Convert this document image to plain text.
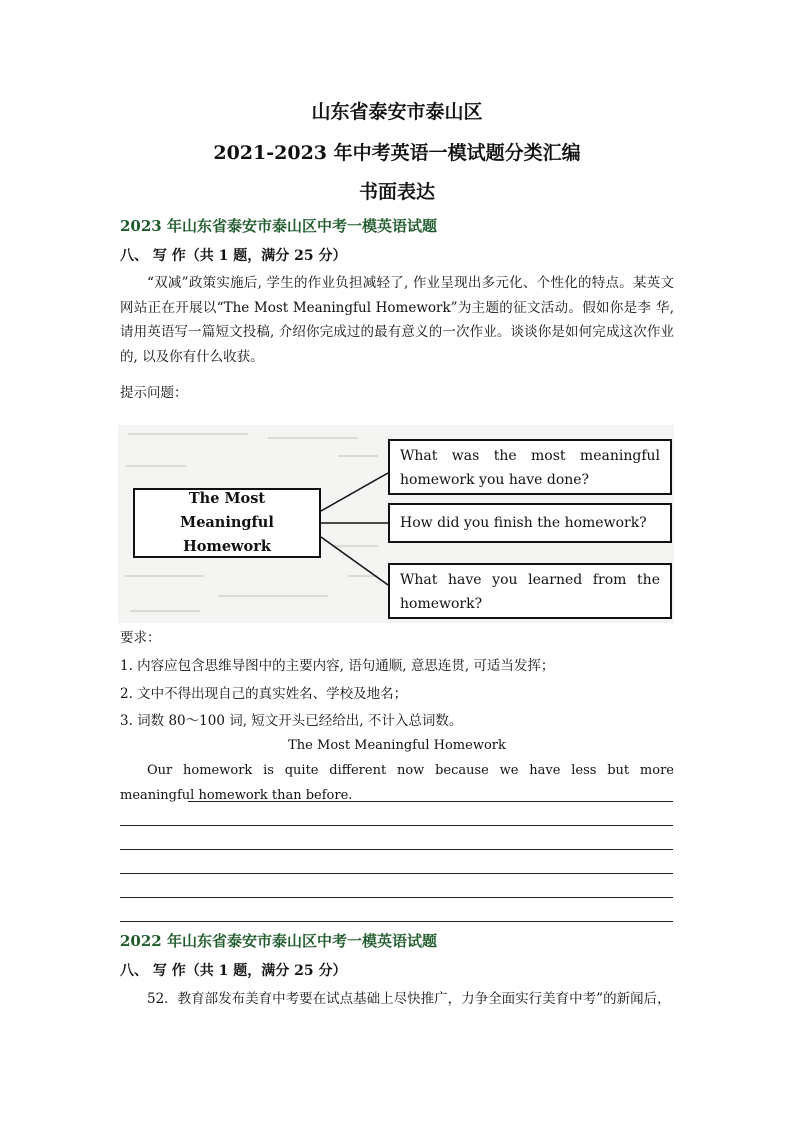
山东省泰安市泰山区
2021-2023 年中考英语一模试题分类汇编
书面表达
2023 年山东省泰安市泰山区中考一模英语试题
八、 写 作（共 1 题，满分 25 分）
“双减”政策实施后, 学生的作业负担减轻了, 作业呈现出多元化、个性化的特点。某英文网站正在开展以“The Most Meaningful Homework”为主题的征文活动。假如你是李 华, 请用英语写一篇短文投稿, 介绍你完成过的最有意义的一次作业。谈谈你是如何完成这次作业的, 以及你有什么收获。
提示问题：
The Most Meaningful Homework
What was the most meaningful homework you have done?
How did you finish the homework?
What have you learned from the homework?
要求：
1. 内容应包含思维导图中的主要内容, 语句通顺, 意思连贯, 可适当发挥；
2. 文中不得出现自己的真实姓名、学校及地名；
3. 词数 80～100 词, 短文开头已经给出, 不计入总词数。
The Most Meaningful Homework
Our homework is quite different now because we have less but more meaningful homework than before.
2022 年山东省泰安市泰山区中考一模英语试题
八、 写 作（共 1 题，满分 25 分）
52．教育部发布美育中考要在试点基础上尽快推广，力争全面实行美育中考”的新闻后，
